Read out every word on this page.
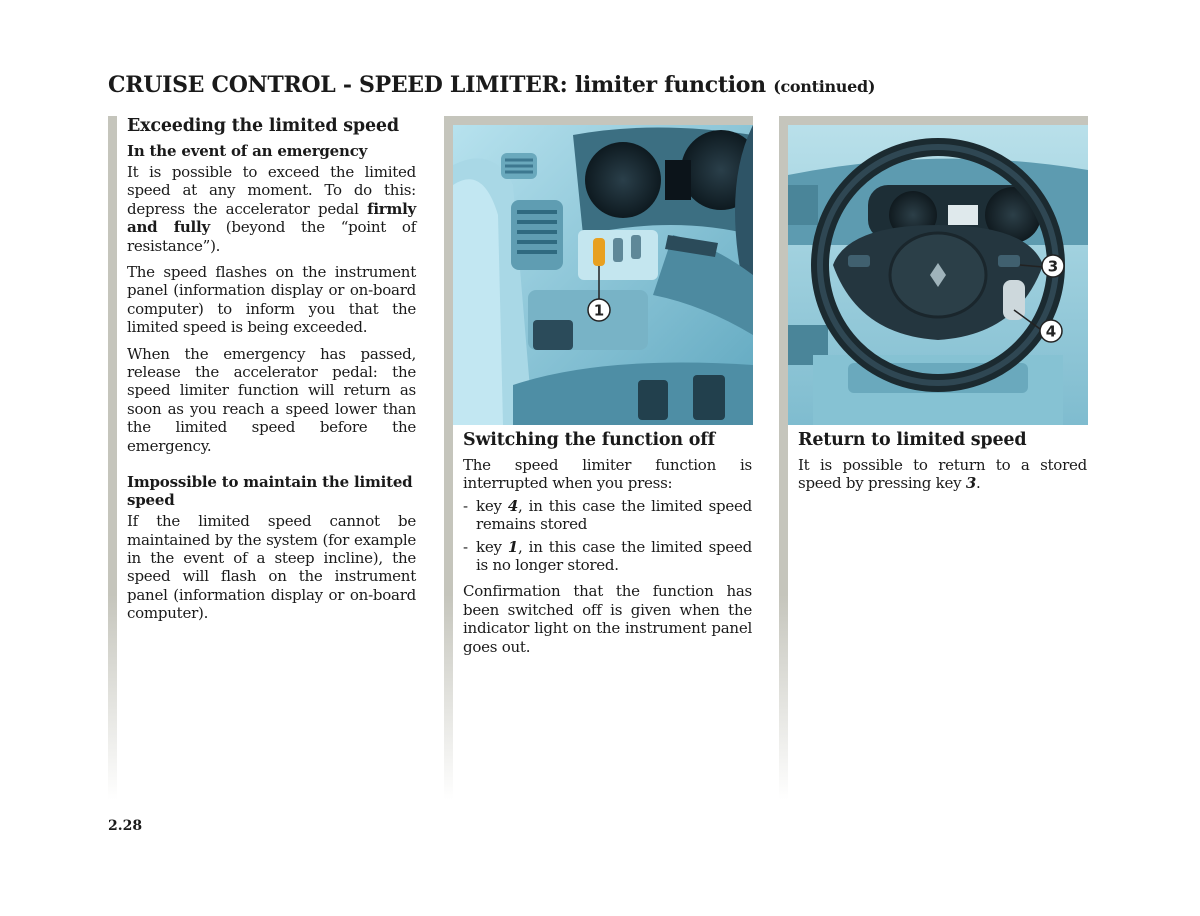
CRUISE CONTROL - SPEED LIMITER: limiter function (continued)
Exceeding the limited speed
In the event of an emergency

It is possible to exceed the limited speed at any moment. To do this: depress the accelerator pedal firmly and fully (beyond the “point of resistance”).

The speed flashes on the instrument panel (information display or on-board computer) to inform you that the limited speed is being exceeded.

When the emergency has passed, release the accelerator pedal: the speed limiter function will return as soon as you reach a speed lower than the limited speed before the emergency.

Impossible to maintain the limited speed

If the limited speed cannot be maintained by the system (for example in the event of a steep incline), the speed will flash on the instrument panel (information display or on-board computer).

1
Switching the function off

The speed limiter function is interrupted when you press:

- key 4, in this case the limited speed remains stored
- key 1, in this case the limited speed is no longer stored.

Confirmation that the function has been switched off is given when the indicator light on the instrument panel goes out.

3
4
Return to limited speed

It is possible to return to a stored speed by pressing key 3.

2.28
